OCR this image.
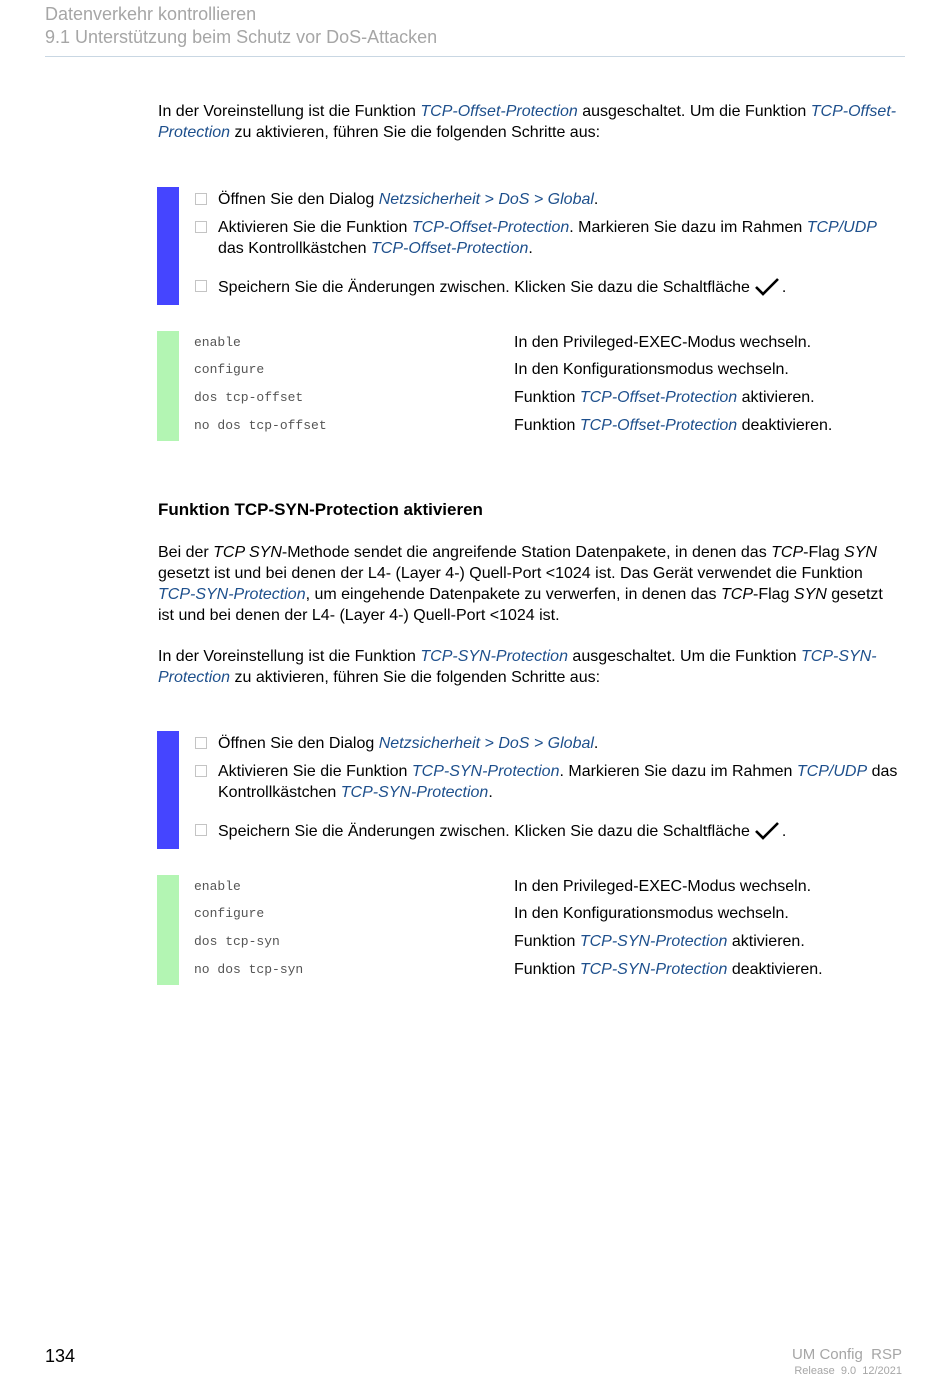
Datenverkehr kontrollieren
9.1 Unterstützung beim Schutz vor DoS-Attacken
In der Voreinstellung ist die Funktion TCP-Offset-Protection ausgeschaltet. Um die Funktion TCP-Offset-Protection zu aktivieren, führen Sie die folgenden Schritte aus:
Öffnen Sie den Dialog Netzsicherheit > DoS > Global.
Aktivieren Sie die Funktion TCP-Offset-Protection. Markieren Sie dazu im Rahmen TCP/UDP das Kontrollkästchen TCP-Offset-Protection.
Speichern Sie die Änderungen zwischen. Klicken Sie dazu die Schaltfläche .
enable	In den Privileged-EXEC-Modus wechseln.
configure	In den Konfigurationsmodus wechseln.
dos tcp-offset	Funktion TCP-Offset-Protection aktivieren.
no dos tcp-offset	Funktion TCP-Offset-Protection deaktivieren.
Funktion TCP-SYN-Protection aktivieren
Bei der TCP SYN-Methode sendet die angreifende Station Datenpakete, in denen das TCP-Flag SYN gesetzt ist und bei denen der L4- (Layer 4-) Quell-Port <1024 ist. Das Gerät verwendet die Funktion TCP-SYN-Protection, um eingehende Datenpakete zu verwerfen, in denen das TCP-Flag SYN gesetzt ist und bei denen der L4- (Layer 4-) Quell-Port <1024 ist.
In der Voreinstellung ist die Funktion TCP-SYN-Protection ausgeschaltet. Um die Funktion TCP-SYN-Protection zu aktivieren, führen Sie die folgenden Schritte aus:
Öffnen Sie den Dialog Netzsicherheit > DoS > Global.
Aktivieren Sie die Funktion TCP-SYN-Protection. Markieren Sie dazu im Rahmen TCP/UDP das Kontrollkästchen TCP-SYN-Protection.
Speichern Sie die Änderungen zwischen. Klicken Sie dazu die Schaltfläche .
enable	In den Privileged-EXEC-Modus wechseln.
configure	In den Konfigurationsmodus wechseln.
dos tcp-syn	Funktion TCP-SYN-Protection aktivieren.
no dos tcp-syn	Funktion TCP-SYN-Protection deaktivieren.
134	UM Config  RSP
Release  9.0  12/2021
